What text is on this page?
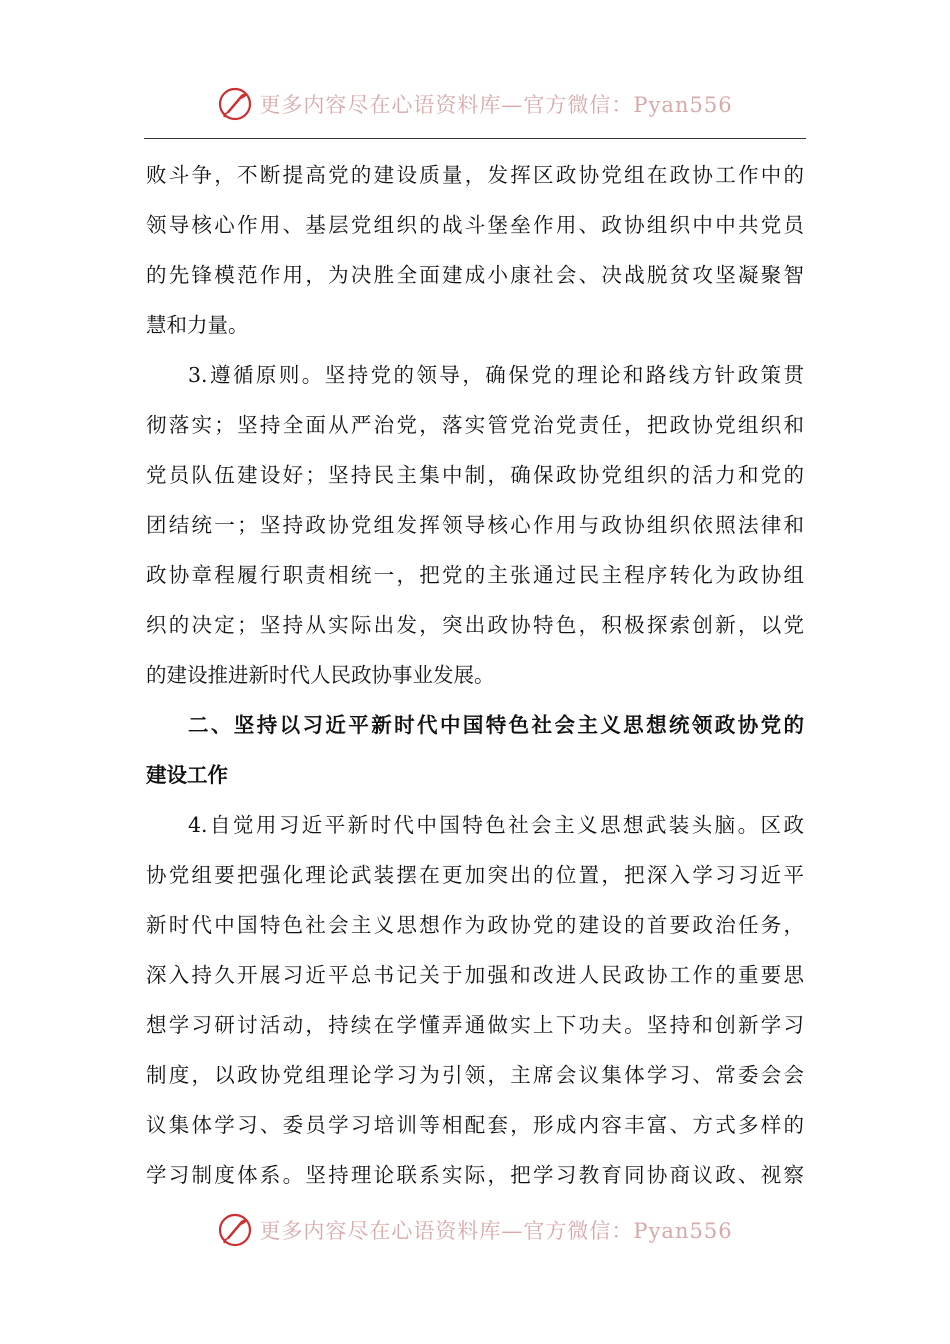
更多内容尽在心语资料库—官方微信：Pyan556
败斗争，不断提高党的建设质量，发挥区政协党组在政协工作中的
领导核心作用、基层党组织的战斗堡垒作用、政协组织中中共党员
的先锋模范作用，为决胜全面建成小康社会、决战脱贫攻坚凝聚智
慧和力量。
3.遵循原则。坚持党的领导，确保党的理论和路线方针政策贯
彻落实；坚持全面从严治党，落实管党治党责任，把政协党组织和
党员队伍建设好；坚持民主集中制，确保政协党组织的活力和党的
团结统一；坚持政协党组发挥领导核心作用与政协组织依照法律和
政协章程履行职责相统一，把党的主张通过民主程序转化为政协组
织的决定；坚持从实际出发，突出政协特色，积极探索创新，以党
的建设推进新时代人民政协事业发展。
二、坚持以习近平新时代中国特色社会主义思想统领政协党的
建设工作
4.自觉用习近平新时代中国特色社会主义思想武装头脑。区政
协党组要把强化理论武装摆在更加突出的位置，把深入学习习近平
新时代中国特色社会主义思想作为政协党的建设的首要政治任务，
深入持久开展习近平总书记关于加强和改进人民政协工作的重要思
想学习研讨活动，持续在学懂弄通做实上下功夫。坚持和创新学习
制度，以政协党组理论学习为引领，主席会议集体学习、常委会会
议集体学习、委员学习培训等相配套，形成内容丰富、方式多样的
学习制度体系。坚持理论联系实际，把学习教育同协商议政、视察
更多内容尽在心语资料库—官方微信：Pyan556
